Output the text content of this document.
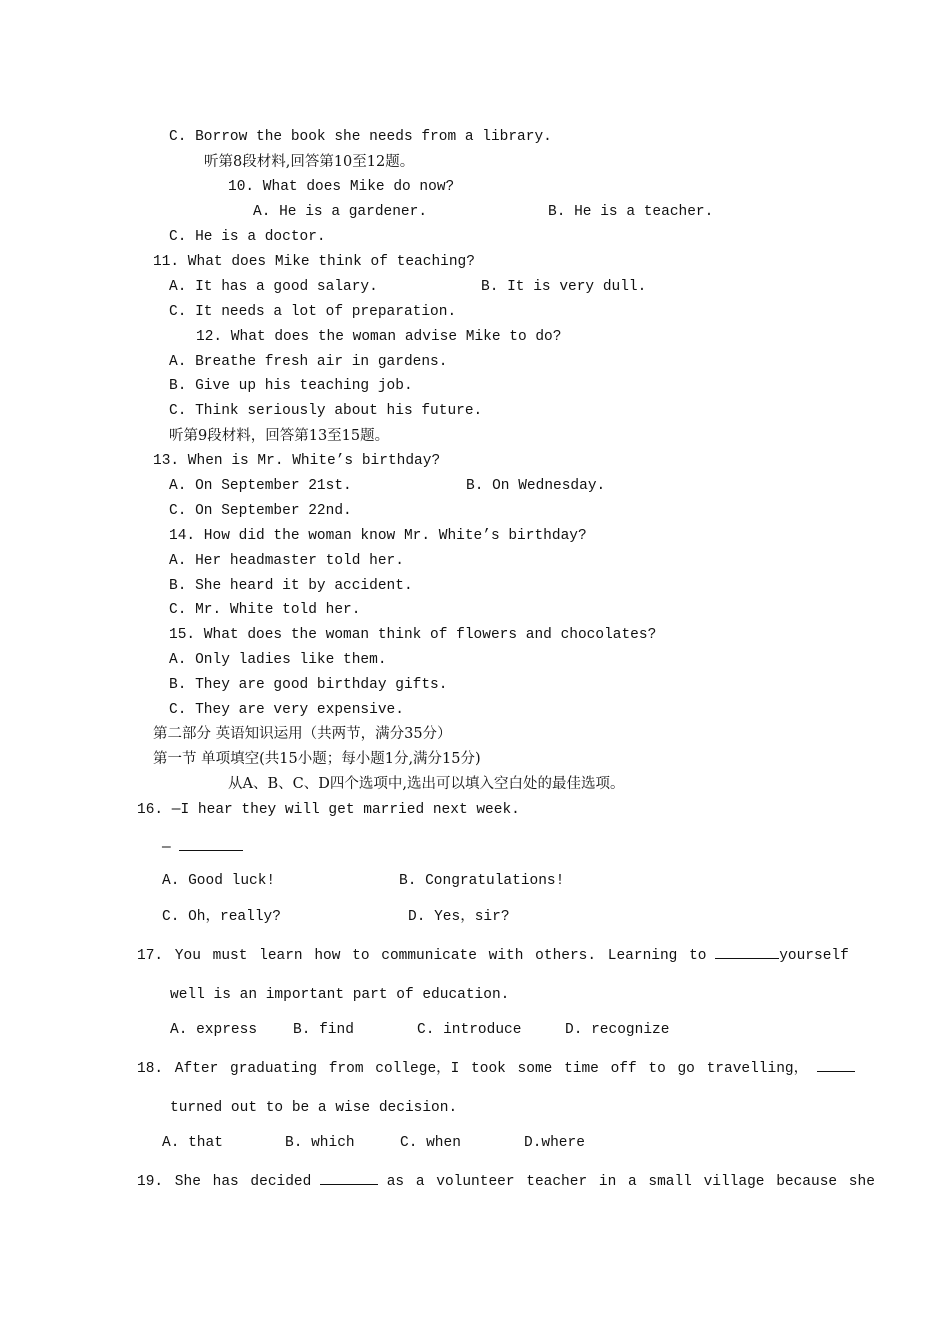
C. Borrow the book she needs from a library.

听第8段材料,回答第10至12题。

10. What does Mike do now?

A. He is a gardener.	B. He is a teacher.

C. He is a doctor.

11. What does Mike think of teaching?

A. It has a good salary.	B. It is very dull.

C. It needs a lot of preparation.

12. What does the woman advise Mike to do?

A. Breathe fresh air in gardens.

B. Give up his teaching job.

C. Think seriously about his future.

听第9段材料，回答第13至15题。

13. When is Mr. White’s birthday?

A. On September 21st.	B. On Wednesday.

C. On September 22nd.

14. How did the woman know Mr. White’s birthday?

A. Her headmaster told her.

B. She heard it by accident.

C. Mr. White told her.

15. What does the woman think of flowers and chocolates?

A. Only ladies like them.

B. They are good birthday gifts.

C. They are very expensive.

第二部分 英语知识运用（共两节，满分35分）

第一节 单项填空(共15小题；每小题1分,满分15分)

从A、B、C、D四个选项中,选出可以填入空白处的最佳选项。

16. —I hear they will get married next week.

—

A. Good luck!	B. Congratulations!

C. Oh，really?	D. Yes，sir?

17. You must learn how to communicate with others. Learning to	yourself

well is an important part of education.

A. express B. find	C. introduce	D. recognize

18. After graduating from college，I took some time off to go travelling，

turned out to be a wise decision.

A. that	B. which	C. when	D.where

19. She has decided	as a volunteer teacher in a small village because she
